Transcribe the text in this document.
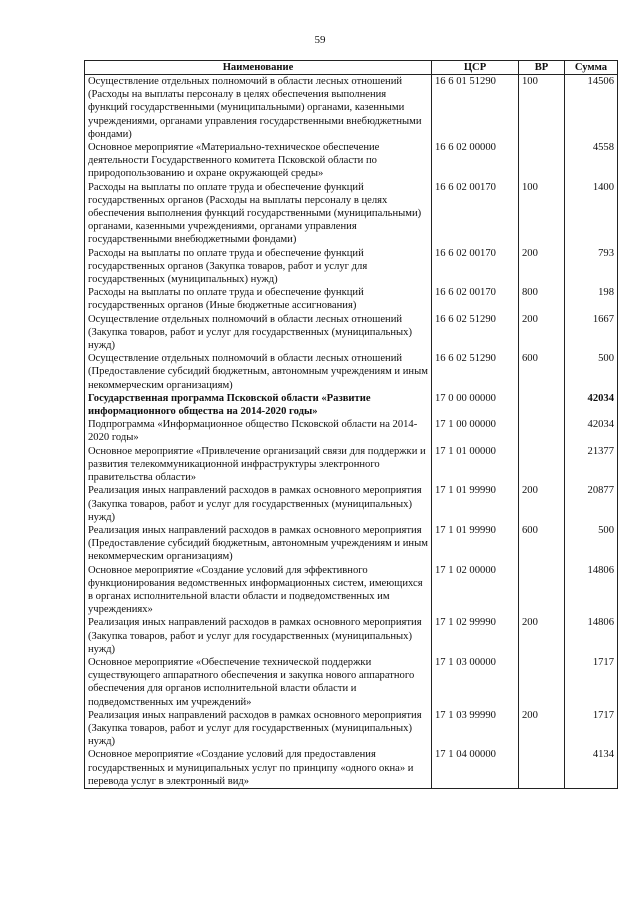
59
Наименование	ЦСР	ВР	Сумма
Осуществление отдельных полномочий в области лесных отношений (Расходы на выплаты персоналу в целях обеспечения выполнения функций государственными (муниципальными) органами, казенными учреждениями, органами управления государственными внебюджетными фондами)	16 6 01 51290	100	14506
Основное мероприятие «Материально-техническое обеспечение деятельности Государственного комитета Псковской области по природопользованию и охране окружающей среды»	16 6 02 00000		4558
Расходы на выплаты по оплате труда и обеспечение функций государственных органов (Расходы на выплаты персоналу в целях обеспечения выполнения функций государственными (муниципальными) органами, казенными учреждениями, органами управления государственными внебюджетными фондами)	16 6 02 00170	100	1400
Расходы на выплаты по оплате труда и обеспечение функций государственных органов (Закупка товаров, работ и услуг для государственных (муниципальных) нужд)	16 6 02 00170	200	793
Расходы на выплаты по оплате труда и обеспечение функций государственных органов (Иные бюджетные ассигнования)	16 6 02 00170	800	198
Осуществление отдельных полномочий в области лесных отношений (Закупка товаров, работ и услуг для государственных (муниципальных) нужд)	16 6 02 51290	200	1667
Осуществление отдельных полномочий в области лесных отношений (Предоставление субсидий бюджетным, автономным учреждениям и иным некоммерческим организациям)	16 6 02 51290	600	500
Государственная программа Псковской области «Развитие информационного общества на 2014-2020 годы»	17 0 00 00000		42034
Подпрограмма «Информационное общество Псковской области на 2014-2020 годы»	17 1 00 00000		42034
Основное мероприятие «Привлечение организаций связи для поддержки и развития телекоммуникационной инфраструктуры электронного правительства области»	17 1 01 00000		21377
Реализация иных направлений расходов в рамках основного мероприятия (Закупка товаров, работ и услуг для государственных (муниципальных) нужд)	17 1 01 99990	200	20877
Реализация иных направлений расходов в рамках основного мероприятия (Предоставление субсидий бюджетным, автономным учреждениям и иным некоммерческим организациям)	17 1 01 99990	600	500
Основное мероприятие «Создание условий для эффективного функционирования ведомственных информационных систем, имеющихся в органах исполнительной власти области и подведомственных им учреждениях»	17 1 02 00000		14806
Реализация иных направлений расходов в рамках основного мероприятия (Закупка товаров, работ и услуг для государственных (муниципальных) нужд)	17 1 02 99990	200	14806
Основное мероприятие «Обеспечение технической поддержки существующего аппаратного обеспечения и закупка нового аппаратного обеспечения для органов исполнительной власти области и подведомственных им учреждений»	17 1 03 00000		1717
Реализация иных направлений расходов в рамках основного мероприятия (Закупка товаров, работ и услуг для государственных (муниципальных) нужд)	17 1 03 99990	200	1717
Основное мероприятие «Создание условий для предоставления государственных и муниципальных услуг по принципу «одного окна» и перевода услуг в электронный вид»	17 1 04 00000		4134
